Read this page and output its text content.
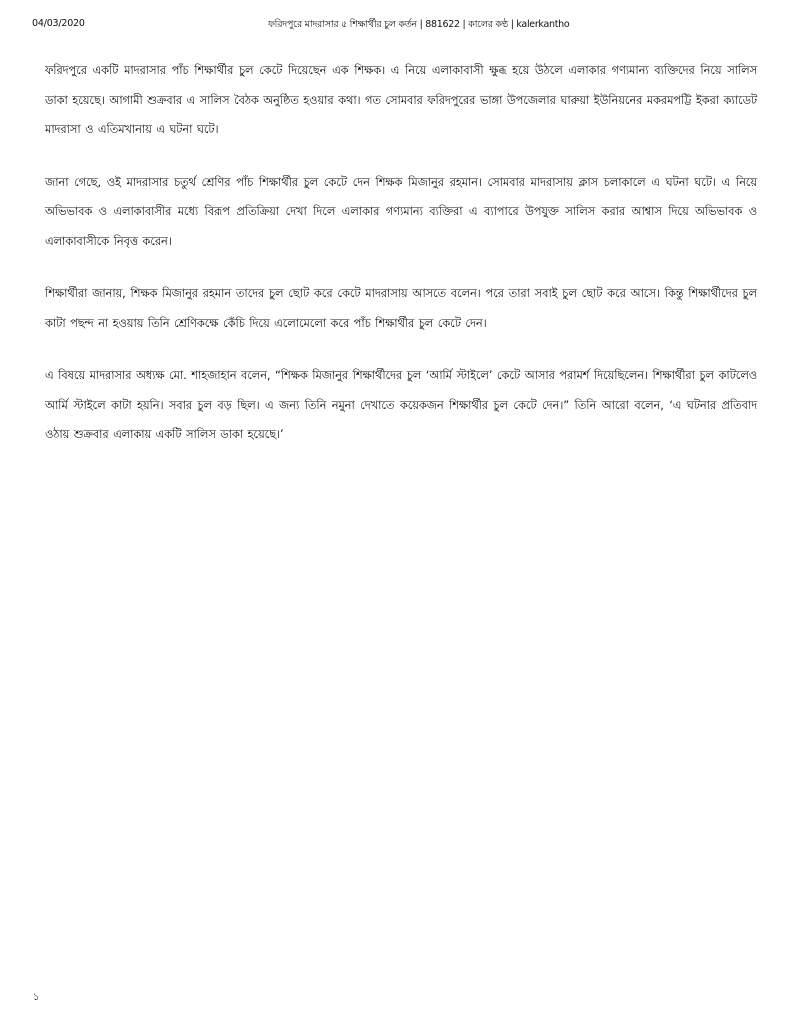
04/03/2020	ফরিদপুরে মাদরাসার ৫ শিক্ষার্থীর চুল কর্তন | 881622 | কালের কণ্ঠ | kalerkantho

ফরিদপুরে একটি মাদরাসার পাঁচ শিক্ষার্থীর চুল কেটে দিয়েছেন এক শিক্ষক। এ নিয়ে এলাকাবাসী ক্ষুব্ধ হয়ে উঠলে এলাকার গণ্যমান্য ব্যক্তিদের নিয়ে সালিস ডাকা হয়েছে। আগামী শুক্রবার এ সালিস বৈঠক অনুষ্ঠিত হওয়ার কথা। গত সোমবার ফরিদপুরের ভাঙ্গা উপজেলার ঘারুয়া ইউনিয়নের মকরমপট্টি ইকরা ক্যাডেট মাদরাসা ও এতিমখানায় এ ঘটনা ঘটে।

জানা গেছে, ওই মাদরাসার চতুর্থ শ্রেণির পাঁচ শিক্ষার্থীর চুল কেটে দেন শিক্ষক মিজানুর রহমান। সোমবার মাদরাসায় ক্লাস চলাকালে এ ঘটনা ঘটে। এ নিয়ে অভিভাবক ও এলাকাবাসীর মধ্যে বিরূপ প্রতিক্রিয়া দেখা দিলে এলাকার গণ্যমান্য ব্যক্তিরা এ ব্যাপারে উপযুক্ত সালিস করার আশ্বাস দিয়ে অভিভাবক ও এলাকাবাসীকে নিবৃত্ত করেন।

শিক্ষার্থীরা জানায়, শিক্ষক মিজানুর রহমান তাদের চুল ছোট করে কেটে মাদরাসায় আসতে বলেন। পরে তারা সবাই চুল ছোট করে আসে। কিন্তু শিক্ষার্থীদের চুল কাটা পছন্দ না হওয়ায় তিনি শ্রেণিকক্ষে কেঁচি দিয়ে এলোমেলো করে পাঁচ শিক্ষার্থীর চুল কেটে দেন।

এ বিষয়ে মাদরাসার অধ্যক্ষ মো. শাহজাহান বলেন, “শিক্ষক মিজানুর শিক্ষার্থীদের চুল ‘আর্মি স্টাইলে’ কেটে আসার পরামর্শ দিয়েছিলেন। শিক্ষার্থীরা চুল কাটলেও আর্মি স্টাইলে কাটা হয়নি। সবার চুল বড় ছিল। এ জন্য তিনি নমুনা দেখাতে কয়েকজন শিক্ষার্থীর চুল কেটে দেন।” তিনি আরো বলেন, ‘এ ঘটনার প্রতিবাদ ওঠায় শুক্রবার এলাকায় একটি সালিস ডাকা হয়েছে।’

১
